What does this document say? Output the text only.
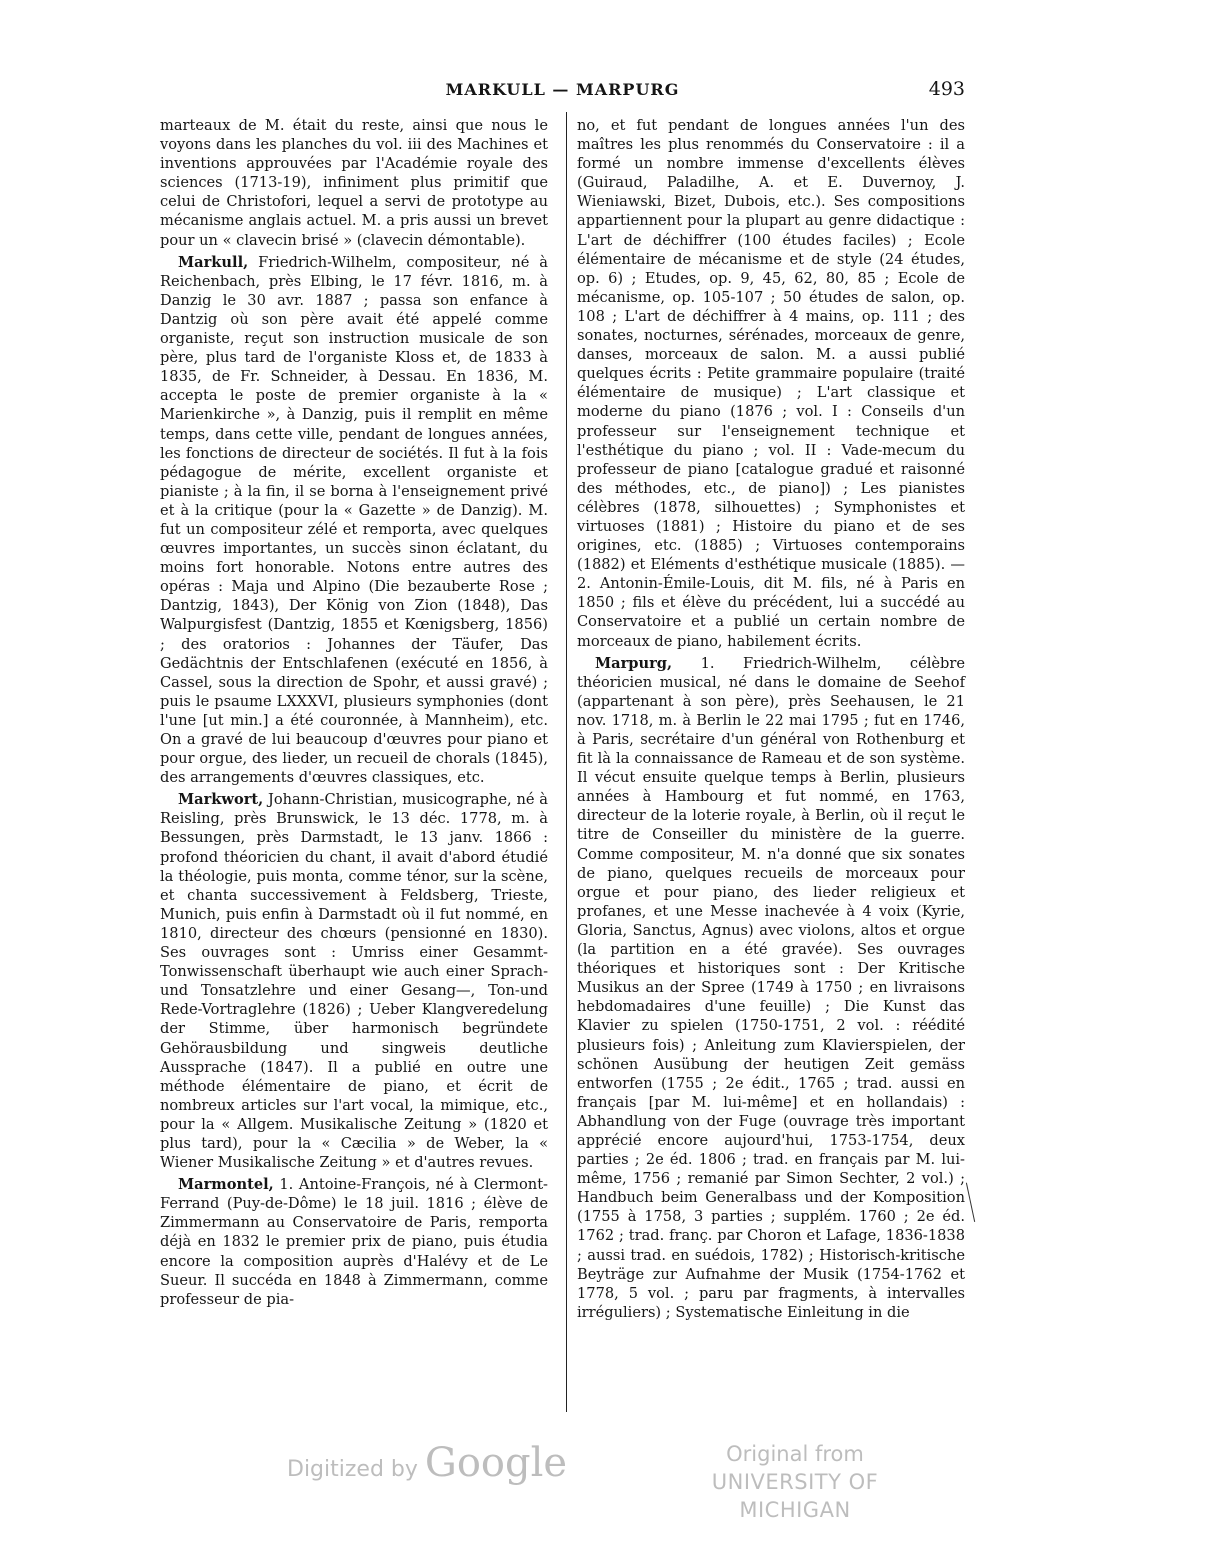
MARKULL — MARPURG	493

marteaux de M. était du reste, ainsi que nous le voyons dans les planches du vol. iii des Machines et inventions approuvées par l'Académie royale des sciences (1713-19), infiniment plus primitif que celui de Christofori, lequel a servi de prototype au mécanisme anglais actuel. M. a pris aussi un brevet pour un « clavecin brisé » (clavecin démontable).

Markull, Friedrich-Wilhelm, compositeur, né à Reichenbach, près Elbing, le 17 févr. 1816, m. à Danzig le 30 avr. 1887 ; passa son enfance à Dantzig où son père avait été appelé comme organiste, reçut son instruction musicale de son père, plus tard de l'organiste Kloss et, de 1833 à 1835, de Fr. Schneider, à Dessau. En 1836, M. accepta le poste de premier organiste à la « Marienkirche », à Danzig, puis il remplit en même temps, dans cette ville, pendant de longues années, les fonctions de directeur de sociétés. Il fut à la fois pédagogue de mérite, excellent organiste et pianiste ; à la fin, il se borna à l'enseignement privé et à la critique (pour la « Gazette » de Danzig). M. fut un compositeur zélé et remporta, avec quelques œuvres importantes, un succès sinon éclatant, du moins fort honorable. Notons entre autres des opéras : Maja und Alpino (Die bezauberte Rose ; Dantzig, 1843), Der König von Zion (1848), Das Walpurgisfest (Dantzig, 1855 et Kœnigsberg, 1856) ; des oratorios : Johannes der Täufer, Das Gedächtnis der Entschlafenen (exécuté en 1856, à Cassel, sous la direction de Spohr, et aussi gravé) ; puis le psaume LXXXVI, plusieurs symphonies (dont l'une [ut min.] a été couronnée, à Mannheim), etc. On a gravé de lui beaucoup d'œuvres pour piano et pour orgue, des lieder, un recueil de chorals (1845), des arrangements d'œuvres classiques, etc.

Markwort, Johann-Christian, musicographe, né à Reisling, près Brunswick, le 13 déc. 1778, m. à Bessungen, près Darmstadt, le 13 janv. 1866 : profond théoricien du chant, il avait d'abord étudié la théologie, puis monta, comme ténor, sur la scène, et chanta successivement à Feldsberg, Trieste, Munich, puis enfin à Darmstadt où il fut nommé, en 1810, directeur des chœurs (pensionné en 1830). Ses ouvrages sont : Umriss einer Gesammt-Tonwissenschaft überhaupt wie auch einer Sprach-und Tonsatzlehre und einer Gesang—, Ton-und Rede-Vortraglehre (1826) ; Ueber Klangveredelung der Stimme, über harmonisch begründete Gehörausbildung und singweis deutliche Aussprache (1847). Il a publié en outre une méthode élémentaire de piano, et écrit de nombreux articles sur l'art vocal, la mimique, etc., pour la « Allgem. Musikalische Zeitung » (1820 et plus tard), pour la « Cæcilia » de Weber, la « Wiener Musikalische Zeitung » et d'autres revues.

Marmontel, 1. Antoine-François, né à Clermont-Ferrand (Puy-de-Dôme) le 18 juil. 1816 ; élève de Zimmermann au Conservatoire de Paris, remporta déjà en 1832 le premier prix de piano, puis étudia encore la composition auprès d'Halévy et de Le Sueur. Il succéda en 1848 à Zimmermann, comme professeur de pia-

no, et fut pendant de longues années l'un des maîtres les plus renommés du Conservatoire : il a formé un nombre immense d'excellents élèves (Guiraud, Paladilhe, A. et E. Duvernoy, J. Wieniawski, Bizet, Dubois, etc.). Ses compositions appartiennent pour la plupart au genre didactique : L'art de déchiffrer (100 études faciles) ; Ecole élémentaire de mécanisme et de style (24 études, op. 6) ; Etudes, op. 9, 45, 62, 80, 85 ; Ecole de mécanisme, op. 105-107 ; 50 études de salon, op. 108 ; L'art de déchiffrer à 4 mains, op. 111 ; des sonates, nocturnes, sérénades, morceaux de genre, danses, morceaux de salon. M. a aussi publié quelques écrits : Petite grammaire populaire (traité élémentaire de musique) ; L'art classique et moderne du piano (1876 ; vol. I : Conseils d'un professeur sur l'enseignement technique et l'esthétique du piano ; vol. II : Vade-mecum du professeur de piano [catalogue gradué et raisonné des méthodes, etc., de piano]) ; Les pianistes célèbres (1878, silhouettes) ; Symphonistes et virtuoses (1881) ; Histoire du piano et de ses origines, etc. (1885) ; Virtuoses contemporains (1882) et Eléments d'esthétique musicale (1885). — 2. Antonin-Émile-Louis, dit M. fils, né à Paris en 1850 ; fils et élève du précédent, lui a succédé au Conservatoire et a publié un certain nombre de morceaux de piano, habilement écrits.

Marpurg, 1. Friedrich-Wilhelm, célèbre théoricien musical, né dans le domaine de Seehof (appartenant à son père), près Seehausen, le 21 nov. 1718, m. à Berlin le 22 mai 1795 ; fut en 1746, à Paris, secrétaire d'un général von Rothenburg et fit là la connaissance de Rameau et de son système. Il vécut ensuite quelque temps à Berlin, plusieurs années à Hambourg et fut nommé, en 1763, directeur de la loterie royale, à Berlin, où il reçut le titre de Conseiller du ministère de la guerre. Comme compositeur, M. n'a donné que six sonates de piano, quelques recueils de morceaux pour orgue et pour piano, des lieder religieux et profanes, et une Messe inachevée à 4 voix (Kyrie, Gloria, Sanctus, Agnus) avec violons, altos et orgue (la partition en a été gravée). Ses ouvrages théoriques et historiques sont : Der Kritische Musikus an der Spree (1749 à 1750 ; en livraisons hebdomadaires d'une feuille) ; Die Kunst das Klavier zu spielen (1750-1751, 2 vol. : réédité plusieurs fois) ; Anleitung zum Klavierspielen, der schönen Ausübung der heutigen Zeit gemäss entworfen (1755 ; 2e édit., 1765 ; trad. aussi en français [par M. lui-même] et en hollandais) : Abhandlung von der Fuge (ouvrage très important apprécié encore aujourd'hui, 1753-1754, deux parties ; 2e éd. 1806 ; trad. en français par M. lui-même, 1756 ; remanié par Simon Sechter, 2 vol.) ; Handbuch beim Generalbass und der Komposition (1755 à 1758, 3 parties ; supplém. 1760 ; 2e éd. 1762 ; trad. franç. par Choron et Lafage, 1836-1838 ; aussi trad. en suédois, 1782) ; Historisch-kritische Beyträge zur Aufnahme der Musik (1754-1762 et 1778, 5 vol. ; paru par fragments, à intervalles irréguliers) ; Systematische Einleitung in die

Digitized by Google	Original from
UNIVERSITY OF MICHIGAN
